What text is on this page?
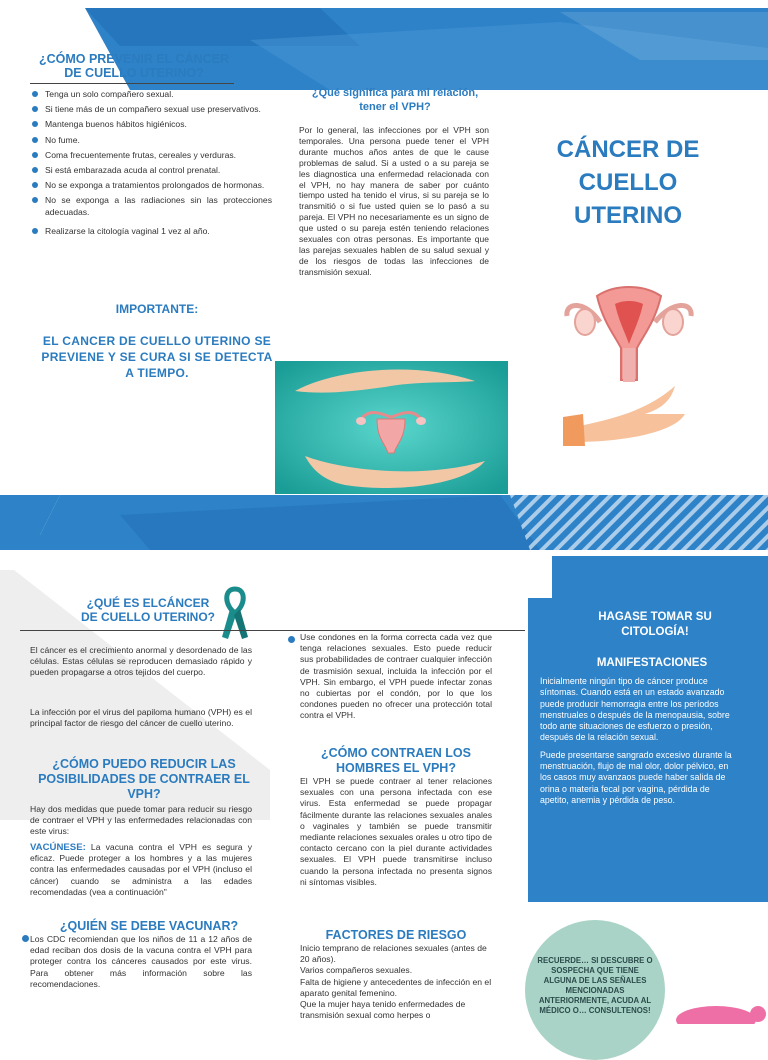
¿CÓMO PREVENIR EL CÁNCER
DE CUELLO UTERINO?
Tenga un solo compañero sexual.
Si tiene más de un compañero sexual use preservativos.
Mantenga buenos hábitos higiénicos.
No fume.
Coma frecuentemente frutas, cereales y verduras.
Si está embarazada acuda al control prenatal.
No se exponga a tratamientos prolongados de hormonas.
No se exponga a las radiaciones sin las protecciones adecuadas.
Realizarse la citología vaginal 1 vez al año.
IMPORTANTE:
EL CANCER DE CUELLO UTERINO SE PREVIENE Y SE CURA SI SE DETECTA A TIEMPO.
¿Qué significa para mi relación, tener el VPH?
Por lo general, las infecciones por el VPH son temporales. Una persona puede tener el VPH durante muchos años antes de que le cause problemas de salud. Si a usted o a su pareja se les diagnostica una enfermedad relacionada con el VPH, no hay manera de saber por cuánto tiempo usted ha tenido el virus, si su pareja se lo transmitió o si fue usted quien se lo pasó a su pareja. El VPH no necesariamente es un signo de que usted o su pareja estén teniendo relaciones sexuales con otras personas. Es importante que las parejas sexuales hablen de su salud sexual y de los riesgos de todas las infecciones de transmisión sexual.
CÁNCER DE
CUELLO
UTERINO
¿QUÉ ES ELCÁNCER
DE CUELLO UTERINO?
El cáncer es el crecimiento anormal y desordenado de las células. Estas células se reproducen demasiado rápido y pueden propagarse a otros tejidos del cuerpo.
La infección por el virus del papiloma humano (VPH) es el principal factor de riesgo del cáncer de cuello uterino.
¿CÓMO PUEDO REDUCIR LAS POSIBILIDADES DE CONTRAER EL VPH?
Hay dos medidas que puede tomar para reducir su riesgo de contraer el VPH y las enfermedades relacionadas con este virus:
VACÚNESE: La vacuna contra el VPH es segura y eficaz. Puede proteger a los hombres y a las mujeres contra las enfermedades causadas por el VPH (incluso el cáncer) cuando se administra a las edades recomendadas (vea a continuación"
¿QUIÉN SE DEBE VACUNAR?
Los CDC recomiendan que los niños de 11 a 12 años de edad reciban dos dosis de la vacuna contra el VPH para proteger contra los cánceres causados por este virus. Para obtener más información sobre las recomendaciones.
Use condones en la forma correcta cada vez que tenga relaciones sexuales. Esto puede reducir sus probabilidades de contraer cualquier infección de trasmisión sexual, incluida la infección por el VPH. Sin embargo, el VPH puede infectar zonas no cubiertas por el condón, por lo que los condones pueden no ofrecer una protección total contra el VPH.
¿CÓMO CONTRAEN LOS HOMBRES EL VPH?
El VPH se puede contraer al tener relaciones sexuales con una persona infectada con ese virus. Esta enfermedad se puede propagar fácilmente durante las relaciones sexuales anales o vaginales y también se puede transmitir mediante relaciones sexuales orales u otro tipo de contacto cercano con la piel durante actividades sexuales. El VPH puede transmitirse incluso cuando la persona infectada no presenta signos ni síntomas visibles.
FACTORES DE RIESGO
Inicio temprano de relaciones sexuales (antes de 20 años).
Varios compañeros sexuales.
Falta de higiene y antecedentes de infección en el aparato genital femenino.
Que la mujer haya tenido enfermedades de transmisión sexual como herpes o
HAGASE TOMAR SU CITOLOGÍA!
MANIFESTACIONES

Inicialmente ningún tipo de cáncer produce síntomas. Cuando está en un estado avanzado puede producir hemorragia entre los períodos menstruales o después de la menopausia, sobre todo ante situaciones de esfuerzo o presión, después de la relación sexual.

Puede presentarse sangrado excesivo durante la menstruación, flujo de mal olor, dolor pélvico, en los casos muy avanzaos puede haber salida de orina o materia fecal por vagina, pérdida de apetito, anemia y pérdida de peso.

RECUERDE… SI DESCUBRE O SOSPECHA QUE TIENE ALGUNA DE LAS SEÑALES MENCIONADAS ANTERIORMENTE, ACUDA AL MÉDICO O… CONSULTENOS!
